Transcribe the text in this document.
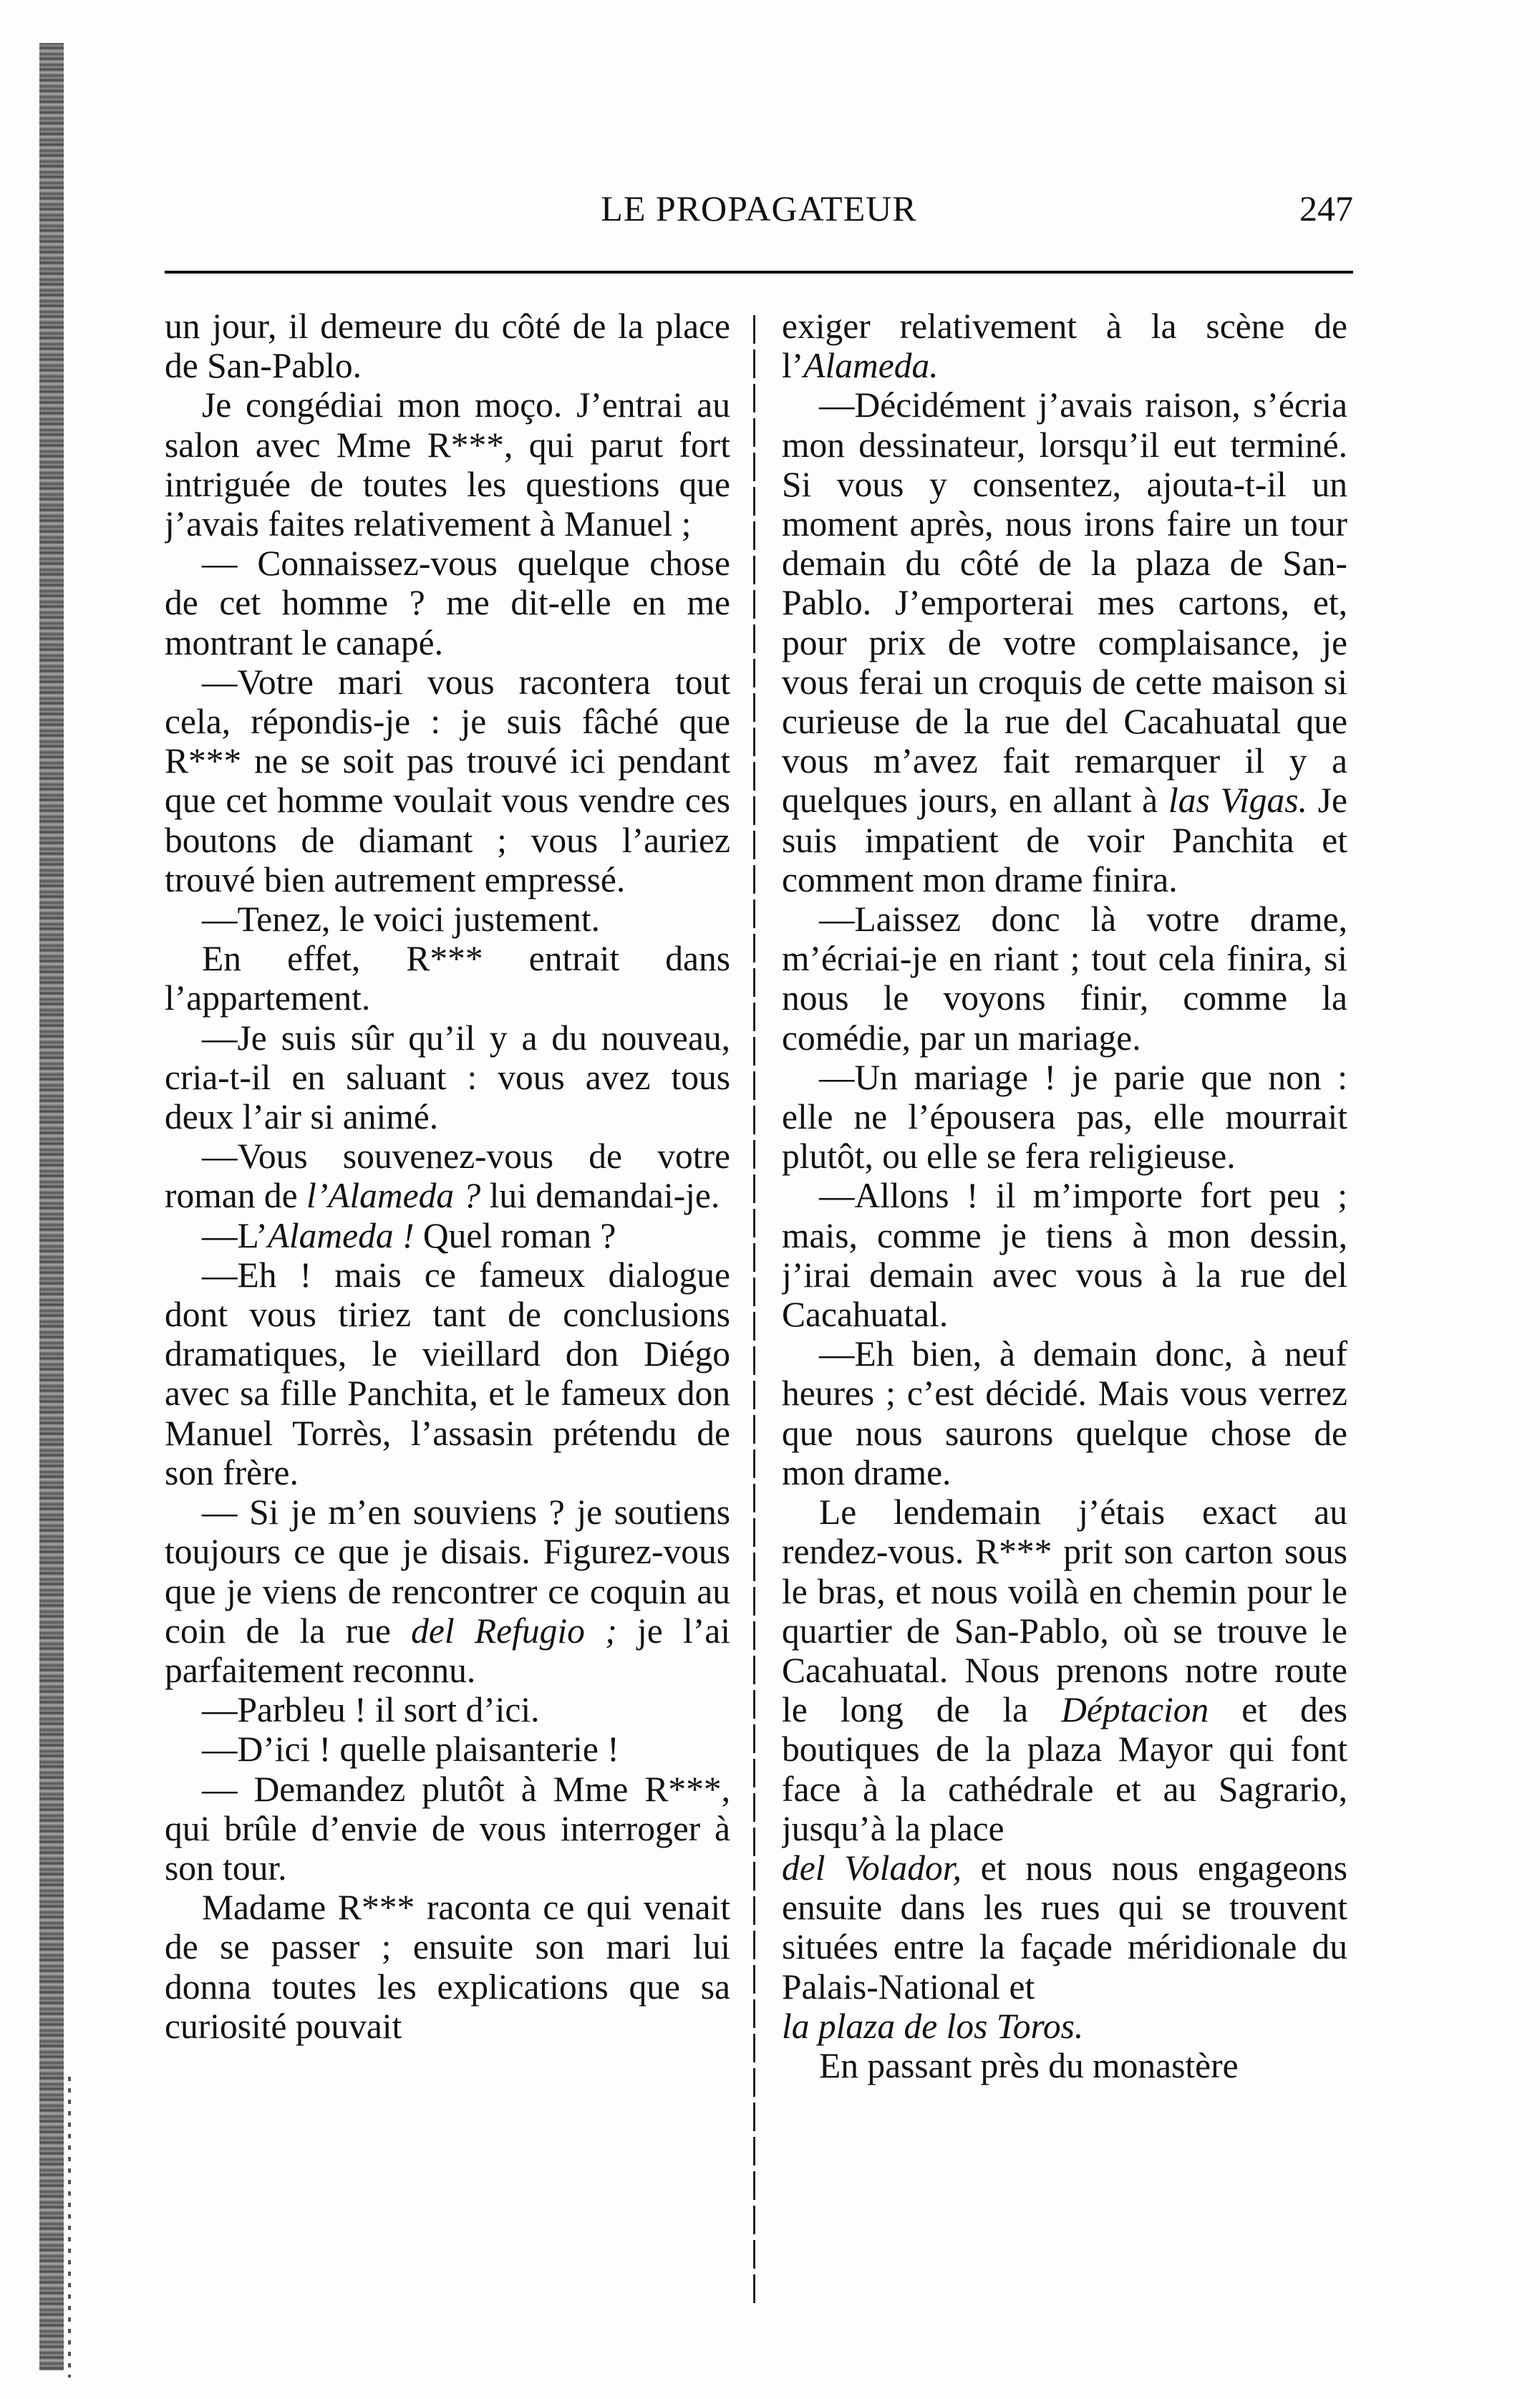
LE PROPAGATEUR	247

un jour, il demeure du côté de la place de San-Pablo.

Je congédiai mon moço. J’entrai au salon avec Mme R***, qui parut fort intriguée de toutes les questions que j’avais faites relativement à Manuel ;

— Connaissez-vous quelque chose de cet homme ? me dit-elle en me montrant le canapé.

—Votre mari vous racontera tout cela, répondis-je : je suis fâché que R*** ne se soit pas trouvé ici pendant que cet homme voulait vous vendre ces boutons de diamant ; vous l’auriez trouvé bien autrement empressé.

—Tenez, le voici justement.

En effet, R*** entrait dans l’appartement.

—Je suis sûr qu’il y a du nouveau, cria-t-il en saluant : vous avez tous deux l’air si animé.

—Vous souvenez-vous de votre roman de l’Alameda ? lui demandai-je.

—L’Alameda ! Quel roman ?

—Eh ! mais ce fameux dialogue dont vous tiriez tant de conclusions dramatiques, le vieillard don Diégo avec sa fille Panchita, et le fameux don Manuel Torrès, l’assasin prétendu de son frère.

— Si je m’en souviens ? je soutiens toujours ce que je disais. Figurez-vous que je viens de rencontrer ce coquin au coin de la rue del Refugio ; je l’ai parfaitement reconnu.

—Parbleu ! il sort d’ici.

—D’ici ! quelle plaisanterie !

— Demandez plutôt à Mme R***, qui brûle d’envie de vous interroger à son tour.

Madame R*** raconta ce qui venait de se passer ; ensuite son mari lui donna toutes les explications que sa curiosité pouvait

exiger relativement à la scène de l’Alameda.

—Décidément j’avais raison, s’écria mon dessinateur, lorsqu’il eut terminé. Si vous y consentez, ajouta-t-il un moment après, nous irons faire un tour demain du côté de la plaza de San-Pablo. J’emporterai mes cartons, et, pour prix de votre complaisance, je vous ferai un croquis de cette maison si curieuse de la rue del Cacahuatal que vous m’avez fait remarquer il y a quelques jours, en allant à las Vigas. Je suis impatient de voir Panchita et comment mon drame finira.

—Laissez donc là votre drame, m’écriai-je en riant ; tout cela finira, si nous le voyons finir, comme la comédie, par un mariage.

—Un mariage ! je parie que non : elle ne l’épousera pas, elle mourrait plutôt, ou elle se fera religieuse.

—Allons ! il m’importe fort peu ; mais, comme je tiens à mon dessin, j’irai demain avec vous à la rue del Cacahuatal.

—Eh bien, à demain donc, à neuf heures ; c’est décidé. Mais vous verrez que nous saurons quelque chose de mon drame.

Le lendemain j’étais exact au rendez-vous. R*** prit son carton sous le bras, et nous voilà en chemin pour le quartier de San-Pablo, où se trouve le Cacahuatal. Nous prenons notre route le long de la Déptacion et des boutiques de la plaza Mayor qui font face à la cathédrale et au Sagrario, jusqu’à la place

del Volador, et nous nous engageons ensuite dans les rues qui se trouvent situées entre la façade méridionale du Palais-National et

la plaza de los Toros.

En passant près du monastère
